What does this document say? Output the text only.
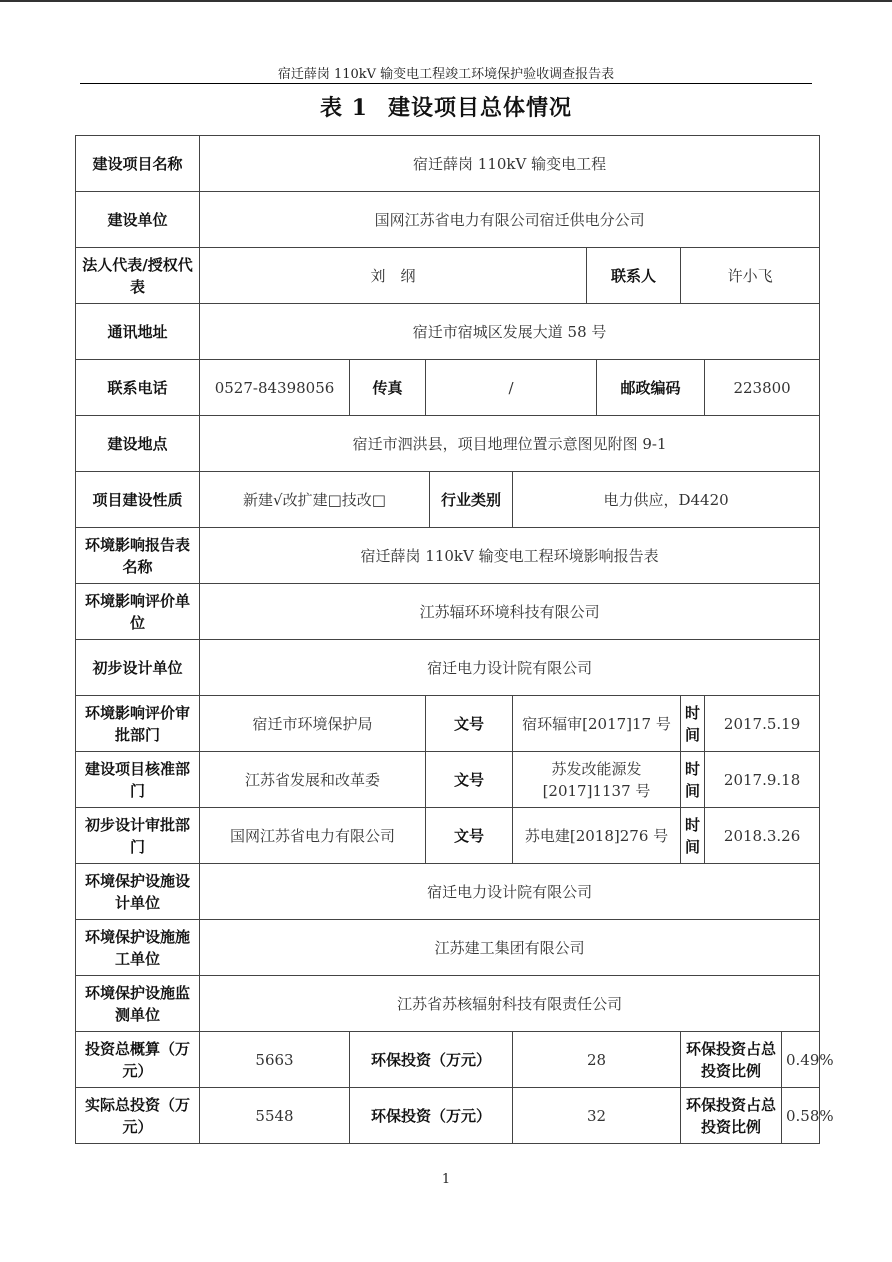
宿迁薛岗 110kV 输变电工程竣工环境保护验收调查报告表
表 1 建设项目总体情况
建设项目名称	宿迁薛岗 110kV 输变电工程									
建设单位	国网江苏省电力有限公司宿迁供电分公司									
法人代表/授权代表	刘　纲					联系人		许小飞		
通讯地址	宿迁市宿城区发展大道 58 号									
联系电话	0527-84398056	传真	/				邮政编码		223800	
建设地点	宿迁市泗洪县，项目地理位置示意图见附图 9-1									
项目建设性质	新建√改扩建□技改□			行业类别	电力供应，D4420					
环境影响报告表名称	宿迁薛岗 110kV 输变电工程环境影响报告表									
环境影响评价单位	江苏辐环环境科技有限公司									
初步设计单位	宿迁电力设计院有限公司									
环境影响评价审批部门	宿迁市环境保护局		文号		宿环辐审[2017]17 号			时间	2017.5.19	
建设项目核准部门	江苏省发展和改革委		文号		苏发改能源发[2017]1137 号			时间	2017.9.18	
初步设计审批部门	国网江苏省电力有限公司		文号		苏电建[2018]276 号			时间	2018.3.26	
环境保护设施设计单位	宿迁电力设计院有限公司									
环境保护设施施工单位	江苏建工集团有限公司									
环境保护设施监测单位	江苏省苏核辐射科技有限责任公司									
投资总概算（万元）	5663	环保投资（万元）			28			环保投资占总投资比例		0.49%
实际总投资（万元）	5548	环保投资（万元）			32			环保投资占总投资比例		0.58%
1
